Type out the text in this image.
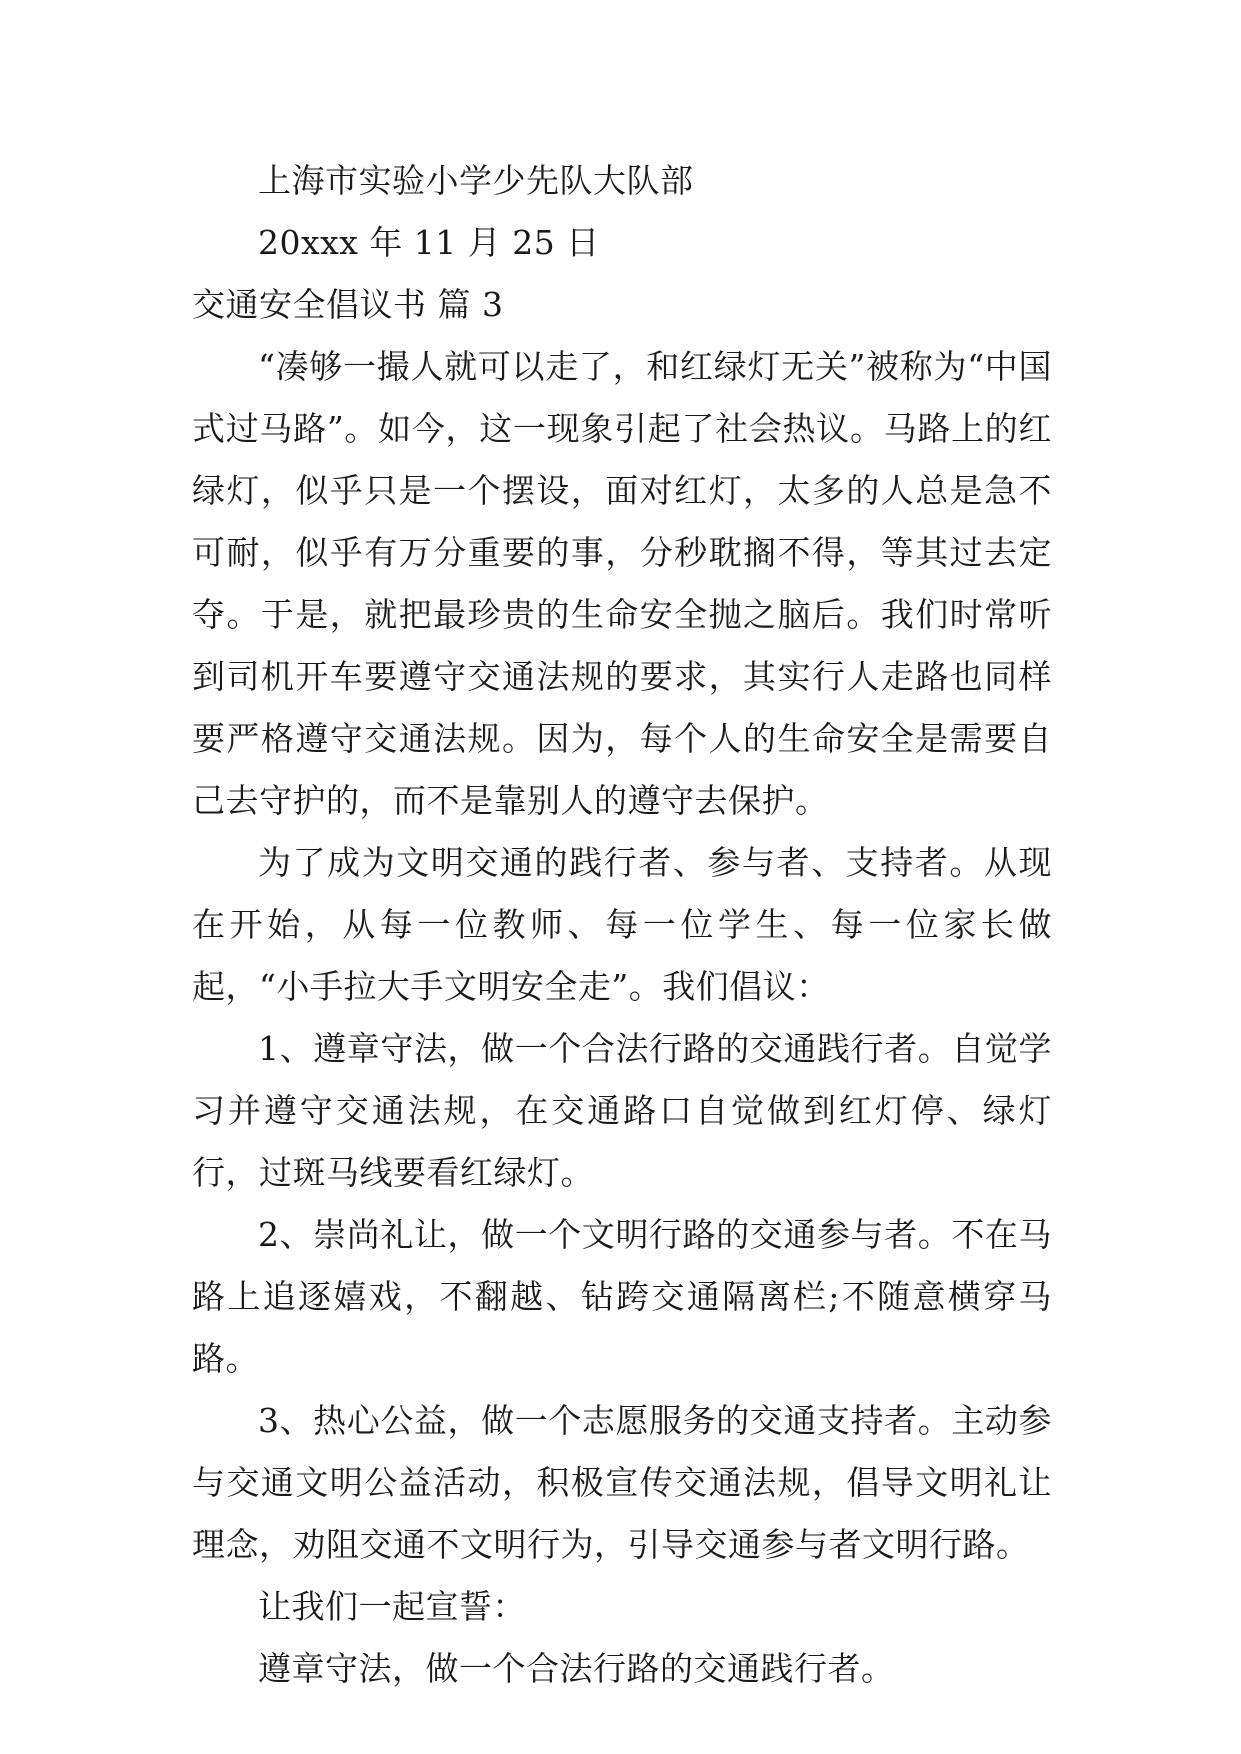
上海市实验小学少先队大队部
20xxx 年 11 月 25 日
交通安全倡议书 篇 3

“凑够一撮人就可以走了，和红绿灯无关”被称为“中国式过马路”。如今，这一现象引起了社会热议。马路上的红绿灯，似乎只是一个摆设，面对红灯，太多的人总是急不可耐，似乎有万分重要的事，分秒耽搁不得，等其过去定夺。于是，就把最珍贵的生命安全抛之脑后。我们时常听到司机开车要遵守交通法规的要求，其实行人走路也同样要严格遵守交通法规。因为，每个人的生命安全是需要自己去守护的，而不是靠别人的遵守去保护。

为了成为文明交通的践行者、参与者、支持者。从现在开始，从每一位教师、每一位学生、每一位家长做起，“小手拉大手文明安全走”。我们倡议：

1、遵章守法，做一个合法行路的交通践行者。自觉学习并遵守交通法规，在交通路口自觉做到红灯停、绿灯行，过斑马线要看红绿灯。

2、崇尚礼让，做一个文明行路的交通参与者。不在马路上追逐嬉戏，不翻越、钻跨交通隔离栏;不随意横穿马路。

3、热心公益，做一个志愿服务的交通支持者。主动参与交通文明公益活动，积极宣传交通法规，倡导文明礼让理念，劝阻交通不文明行为，引导交通参与者文明行路。

让我们一起宣誓：

遵章守法，做一个合法行路的交通践行者。
